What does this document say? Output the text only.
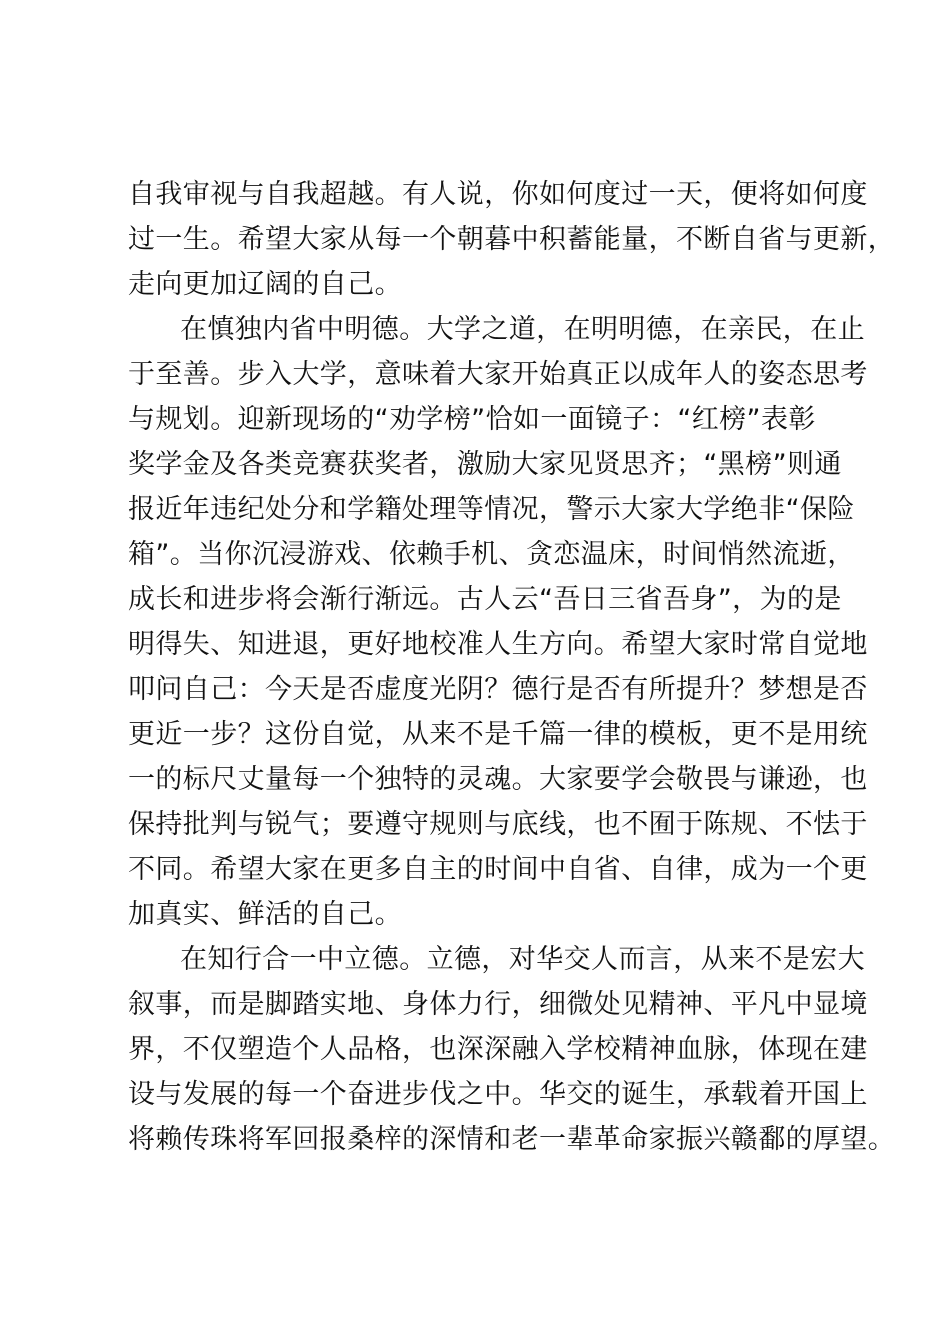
自我审视与自我超越。有人说，你如何度过一天，便将如何度
过一生。希望大家从每一个朝暮中积蓄能量，不断自省与更新，
走向更加辽阔的自己。
在慎独内省中明德。大学之道，在明明德，在亲民，在止
于至善。步入大学，意味着大家开始真正以成年人的姿态思考
与规划。迎新现场的“劝学榜”恰如一面镜子：“红榜”表彰
奖学金及各类竞赛获奖者，激励大家见贤思齐；“黑榜”则通
报近年违纪处分和学籍处理等情况，警示大家大学绝非“保险
箱”。当你沉浸游戏、依赖手机、贪恋温床，时间悄然流逝，
成长和进步将会渐行渐远。古人云“吾日三省吾身”，为的是
明得失、知进退，更好地校准人生方向。希望大家时常自觉地
叩问自己：今天是否虚度光阴？德行是否有所提升？梦想是否
更近一步？这份自觉，从来不是千篇一律的模板，更不是用统
一的标尺丈量每一个独特的灵魂。大家要学会敬畏与谦逊，也
保持批判与锐气；要遵守规则与底线，也不囿于陈规、不怯于
不同。希望大家在更多自主的时间中自省、自律，成为一个更
加真实、鲜活的自己。
在知行合一中立德。立德，对华交人而言，从来不是宏大
叙事，而是脚踏实地、身体力行，细微处见精神、平凡中显境
界，不仅塑造个人品格，也深深融入学校精神血脉，体现在建
设与发展的每一个奋进步伐之中。华交的诞生，承载着开国上
将赖传珠将军回报桑梓的深情和老一辈革命家振兴赣鄱的厚望。
